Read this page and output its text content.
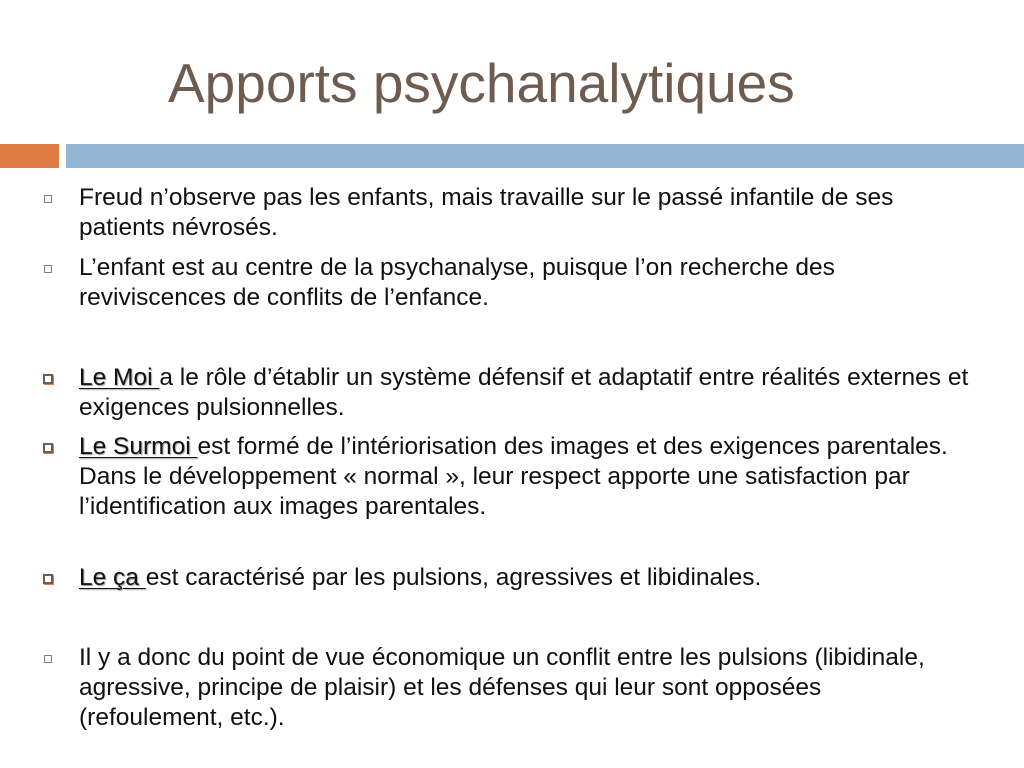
Apports psychanalytiques
Freud n’observe pas les enfants, mais travaille sur le passé infantile de ses patients névrosés.
L’enfant est au centre de la psychanalyse, puisque l’on recherche des reviviscences de conflits de l’enfance.
Le Moi a le rôle d’établir un système défensif et adaptatif entre réalités externes et exigences pulsionnelles.
Le Surmoi est formé de l’intériorisation des images et des exigences parentales. Dans le développement « normal », leur respect apporte une satisfaction par l’identification aux images parentales.
Le ça est caractérisé par les pulsions, agressives et libidinales.
Il y a donc du point de vue économique un conflit entre les pulsions (libidinale, agressive, principe de plaisir) et les défenses qui leur sont opposées (refoulement, etc.).
